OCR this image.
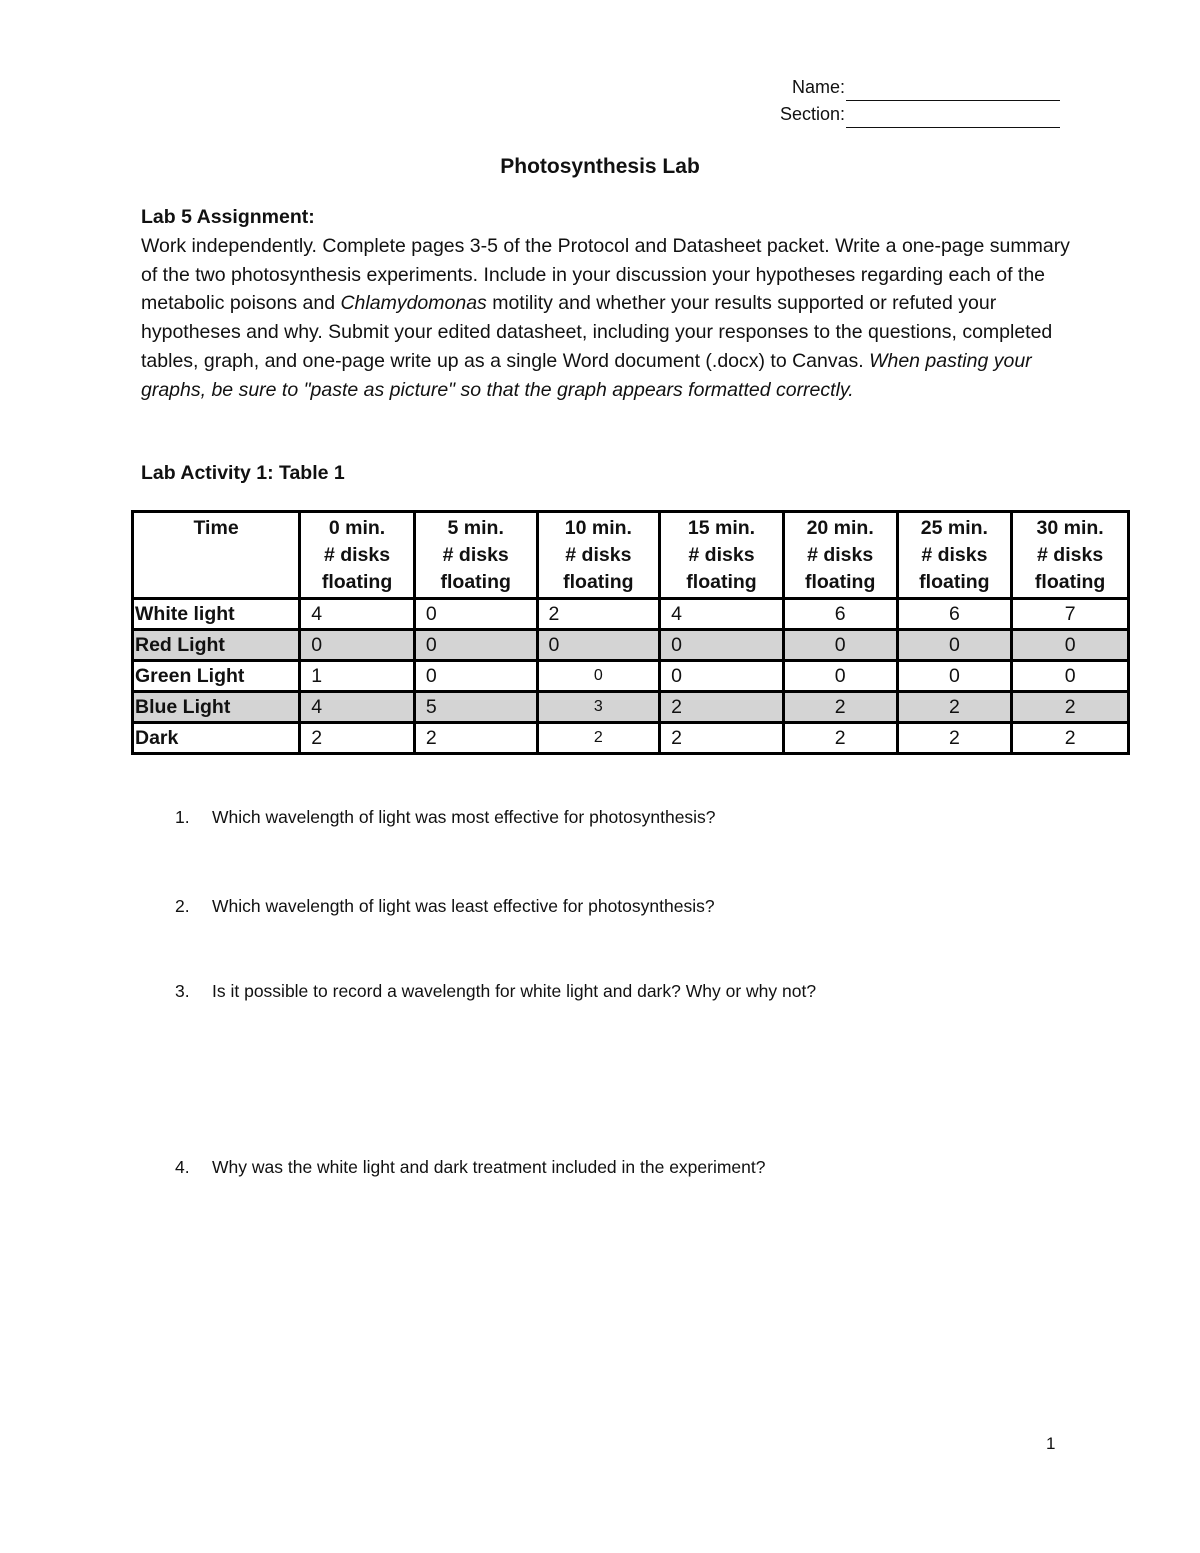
Name:
Section:
Photosynthesis Lab
Lab 5 Assignment:

Work independently. Complete pages 3-5 of the Protocol and Datasheet packet. Write a one-page summary of the two photosynthesis experiments. Include in your discussion your hypotheses regarding each of the metabolic poisons and Chlamydomonas motility and whether your results supported or refuted your hypotheses and why. Submit your edited datasheet, including your responses to the questions, completed tables, graph, and one-page write up as a single Word document (.docx) to Canvas. When pasting your graphs, be sure to "paste as picture" so that the graph appears formatted correctly.

Lab Activity 1: Table 1
Time	0 min.
# disks
floating	5 min.
# disks
floating	10 min.
# disks
floating	15 min.
# disks
floating	20 min.
# disks
floating	25 min.
# disks
floating	30 min.
# disks
floating
White light	4	0	2	4	6	6	7
Red Light	0	0	0	0	0	0	0
Green Light	1	0	0	0	0	0	0
Blue Light	4	5	3	2	2	2	2
Dark	2	2	2	2	2	2	2
1. Which wavelength of light was most effective for photosynthesis?
2. Which wavelength of light was least effective for photosynthesis?
3. Is it possible to record a wavelength for white light and dark? Why or why not?
4. Why was the white light and dark treatment included in the experiment?
1
